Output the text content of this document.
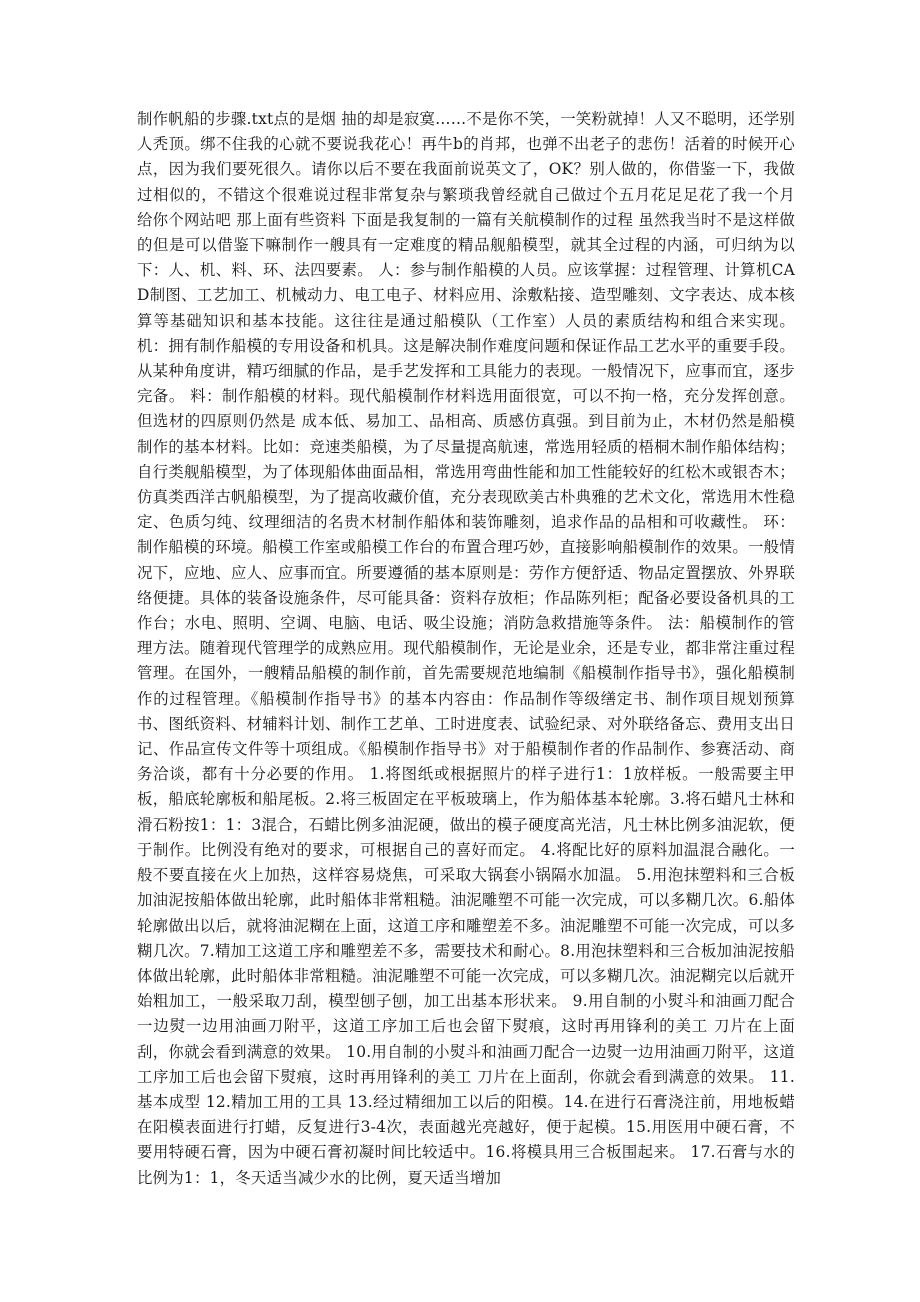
制作帆船的步骤.txt点的是烟 抽的却是寂寞……不是你不笑，一笑粉就掉！人又不聪明，还学别人秃顶。绑不住我的心就不要说我花心！再牛b的肖邦，也弹不出老子的悲伤！活着的时候开心点，因为我们要死很久。请你以后不要在我面前说英文了，OK？别人做的，你借鉴一下，我做过相似的，不错这个很难说过程非常复杂与繁琐我曾经就自己做过个五月花足足花了我一个月 给你个网站吧 那上面有些资料 下面是我复制的一篇有关航模制作的过程 虽然我当时不是这样做的但是可以借鉴下嘛制作一艘具有一定难度的精品舰船模型，就其全过程的内涵，可归纳为以下：人、机、料、环、法四要素。 人：参与制作船模的人员。应该掌握：过程管理、计算机CAD制图、工艺加工、机械动力、电工电子、材料应用、涂敷粘接、造型雕刻、文字表达、成本核算等基础知识和基本技能。这往往是通过船模队（工作室）人员的素质结构和组合来实现。 机：拥有制作船模的专用设备和机具。这是解决制作难度问题和保证作品工艺水平的重要手段。从某种角度讲，精巧细腻的作品，是手艺发挥和工具能力的表现。一般情况下，应事而宜，逐步完备。 料：制作船模的材料。现代船模制作材料选用面很宽，可以不拘一格，充分发挥创意。但选材的四原则仍然是 成本低、易加工、品相高、质感仿真强。到目前为止，木材仍然是船模制作的基本材料。比如：竞速类船模，为了尽量提高航速，常选用轻质的梧桐木制作船体结构；自行类舰船模型，为了体现船体曲面品相，常选用弯曲性能和加工性能较好的红松木或银杏木；仿真类西洋古帆船模型，为了提高收藏价值，充分表现欧美古朴典雅的艺术文化，常选用木性稳定、色质匀纯、纹理细洁的名贵木材制作船体和装饰雕刻，追求作品的品相和可收藏性。 环：制作船模的环境。船模工作室或船模工作台的布置合理巧妙，直接影响船模制作的效果。一般情况下，应地、应人、应事而宜。所要遵循的基本原则是：劳作方便舒适、物品定置摆放、外界联络便捷。具体的装备设施条件，尽可能具备：资料存放柜；作品陈列柜；配备必要设备机具的工作台；水电、照明、空调、电脑、电话、吸尘设施；消防急救措施等条件。 法：船模制作的管理方法。随着现代管理学的成熟应用。现代船模制作，无论是业余，还是专业，都非常注重过程管理。在国外，一艘精品船模的制作前，首先需要规范地编制《船模制作指导书》，强化船模制作的过程管理。《船模制作指导书》的基本内容由：作品制作等级缮定书、制作项目规划预算书、图纸资料、材辅料计划、制作工艺单、工时进度表、试验纪录、对外联络备忘、费用支出日记、作品宣传文件等十项组成。《船模制作指导书》对于船模制作者的作品制作、参赛活动、商务洽谈，都有十分必要的作用。 1.将图纸或根据照片的样子进行1：1放样板。一般需要主甲板，船底轮廓板和船尾板。2.将三板固定在平板玻璃上，作为船体基本轮廓。3.将石蜡凡士林和滑石粉按1：1：3混合，石蜡比例多油泥硬，做出的模子硬度高光洁，凡士林比例多油泥软，便于制作。比例没有绝对的要求，可根据自己的喜好而定。 4.将配比好的原料加温混合融化。一般不要直接在火上加热，这样容易烧焦，可采取大锅套小锅隔水加温。 5.用泡抹塑料和三合板加油泥按船体做出轮廓，此时船体非常粗糙。油泥雕塑不可能一次完成，可以多糊几次。6.船体轮廓做出以后，就将油泥糊在上面，这道工序和雕塑差不多。油泥雕塑不可能一次完成，可以多糊几次。7.精加工这道工序和雕塑差不多，需要技术和耐心。8.用泡抹塑料和三合板加油泥按船体做出轮廓，此时船体非常粗糙。油泥雕塑不可能一次完成，可以多糊几次。油泥糊完以后就开始粗加工，一般采取刀刮，模型刨子刨，加工出基本形状来。 9.用自制的小熨斗和油画刀配合一边熨一边用油画刀附平，这道工序加工后也会留下熨痕，这时再用锋利的美工 刀片在上面刮，你就会看到满意的效果。 10.用自制的小熨斗和油画刀配合一边熨一边用油画刀附平，这道工序加工后也会留下熨痕，这时再用锋利的美工 刀片在上面刮，你就会看到满意的效果。 11.基本成型 12.精加工用的工具 13.经过精细加工以后的阳模。14.在进行石膏浇注前，用地板蜡在阳模表面进行打蜡，反复进行3-4次，表面越光亮越好，便于起模。15.用医用中硬石膏，不要用特硬石膏，因为中硬石膏初凝时间比较适中。16.将模具用三合板围起来。 17.石膏与水的比例为1：1，冬天适当减少水的比例，夏天适当增加
